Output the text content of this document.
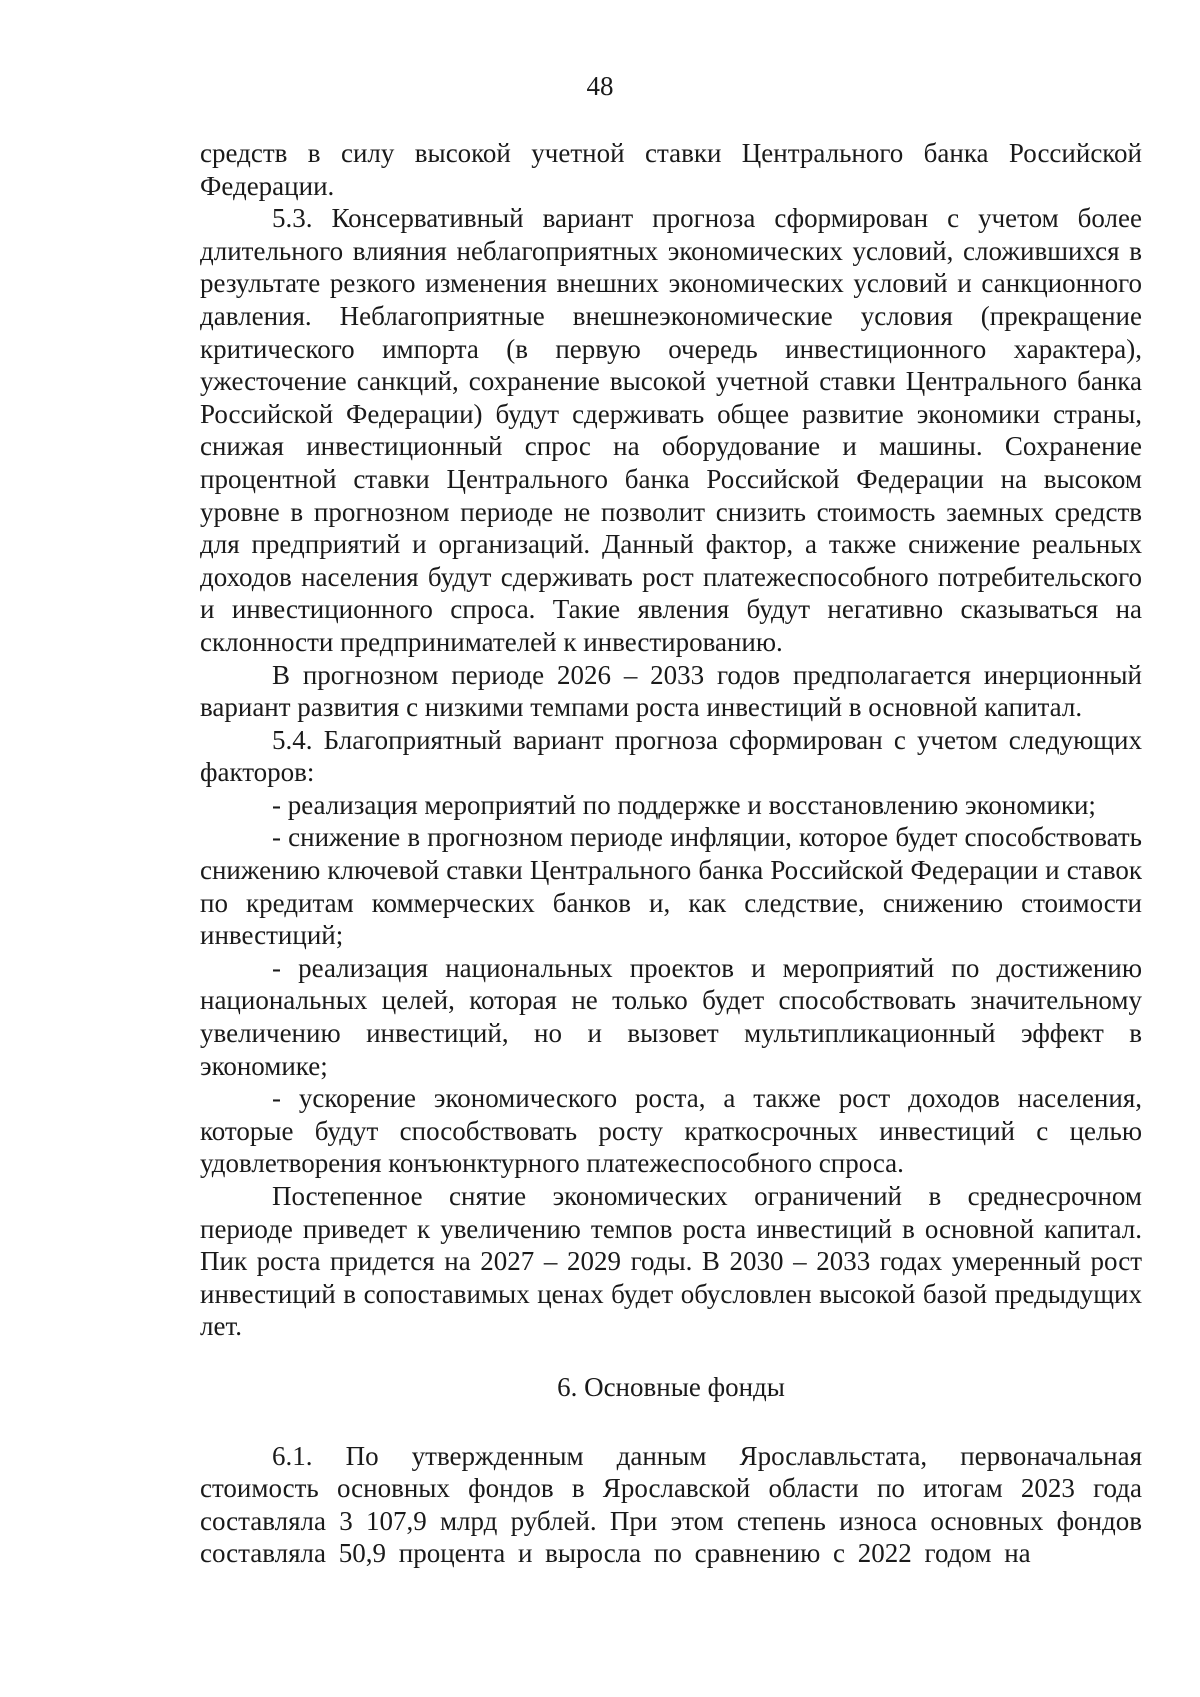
48

средств в силу высокой учетной ставки Центрального банка Российской Федерации.

5.3. Консервативный вариант прогноза сформирован с учетом более длительного влияния неблагоприятных экономических условий, сложившихся в результате резкого изменения внешних экономических условий и санкционного давления. Неблагоприятные внешнеэкономические условия (прекращение критического импорта (в первую очередь инвестиционного характера), ужесточение санкций, сохранение высокой учетной ставки Центрального банка Российской Федерации) будут сдерживать общее развитие экономики страны, снижая инвестиционный спрос на оборудование и машины. Сохранение процентной ставки Центрального банка Российской Федерации на высоком уровне в прогнозном периоде не позволит снизить стоимость заемных средств для предприятий и организаций. Данный фактор, а также снижение реальных доходов населения будут сдерживать рост платежеспособного потребительского и инвестиционного спроса. Такие явления будут негативно сказываться на склонности предпринимателей к инвестированию.

В прогнозном периоде 2026 – 2033 годов предполагается инерционный вариант развития с низкими темпами роста инвестиций в основной капитал.

5.4. Благоприятный вариант прогноза сформирован с учетом следующих факторов:

- реализация мероприятий по поддержке и восстановлению экономики;

- снижение в прогнозном периоде инфляции, которое будет способствовать снижению ключевой ставки Центрального банка Российской Федерации и ставок по кредитам коммерческих банков и, как следствие, снижению стоимости инвестиций;

- реализация национальных проектов и мероприятий по достижению национальных целей, которая не только будет способствовать значительному увеличению инвестиций, но и вызовет мультипликационный эффект в экономике;

- ускорение экономического роста, а также рост доходов населения, которые будут способствовать росту краткосрочных инвестиций с целью удовлетворения конъюнктурного платежеспособного спроса.

Постепенное снятие экономических ограничений в среднесрочном периоде приведет к увеличению темпов роста инвестиций в основной капитал. Пик роста придется на 2027 – 2029 годы. В 2030 – 2033 годах умеренный рост инвестиций в сопоставимых ценах будет обусловлен высокой базой предыдущих лет.

6. Основные фонды

6.1. По утвержденным данным Ярославльстата, первоначальная стоимость основных фондов в Ярославской области по итогам 2023 года составляла 3 107,9 млрд рублей. При этом степень износа основных фондов составляла 50,9 процента и выросла по сравнению с 2022 годом на
